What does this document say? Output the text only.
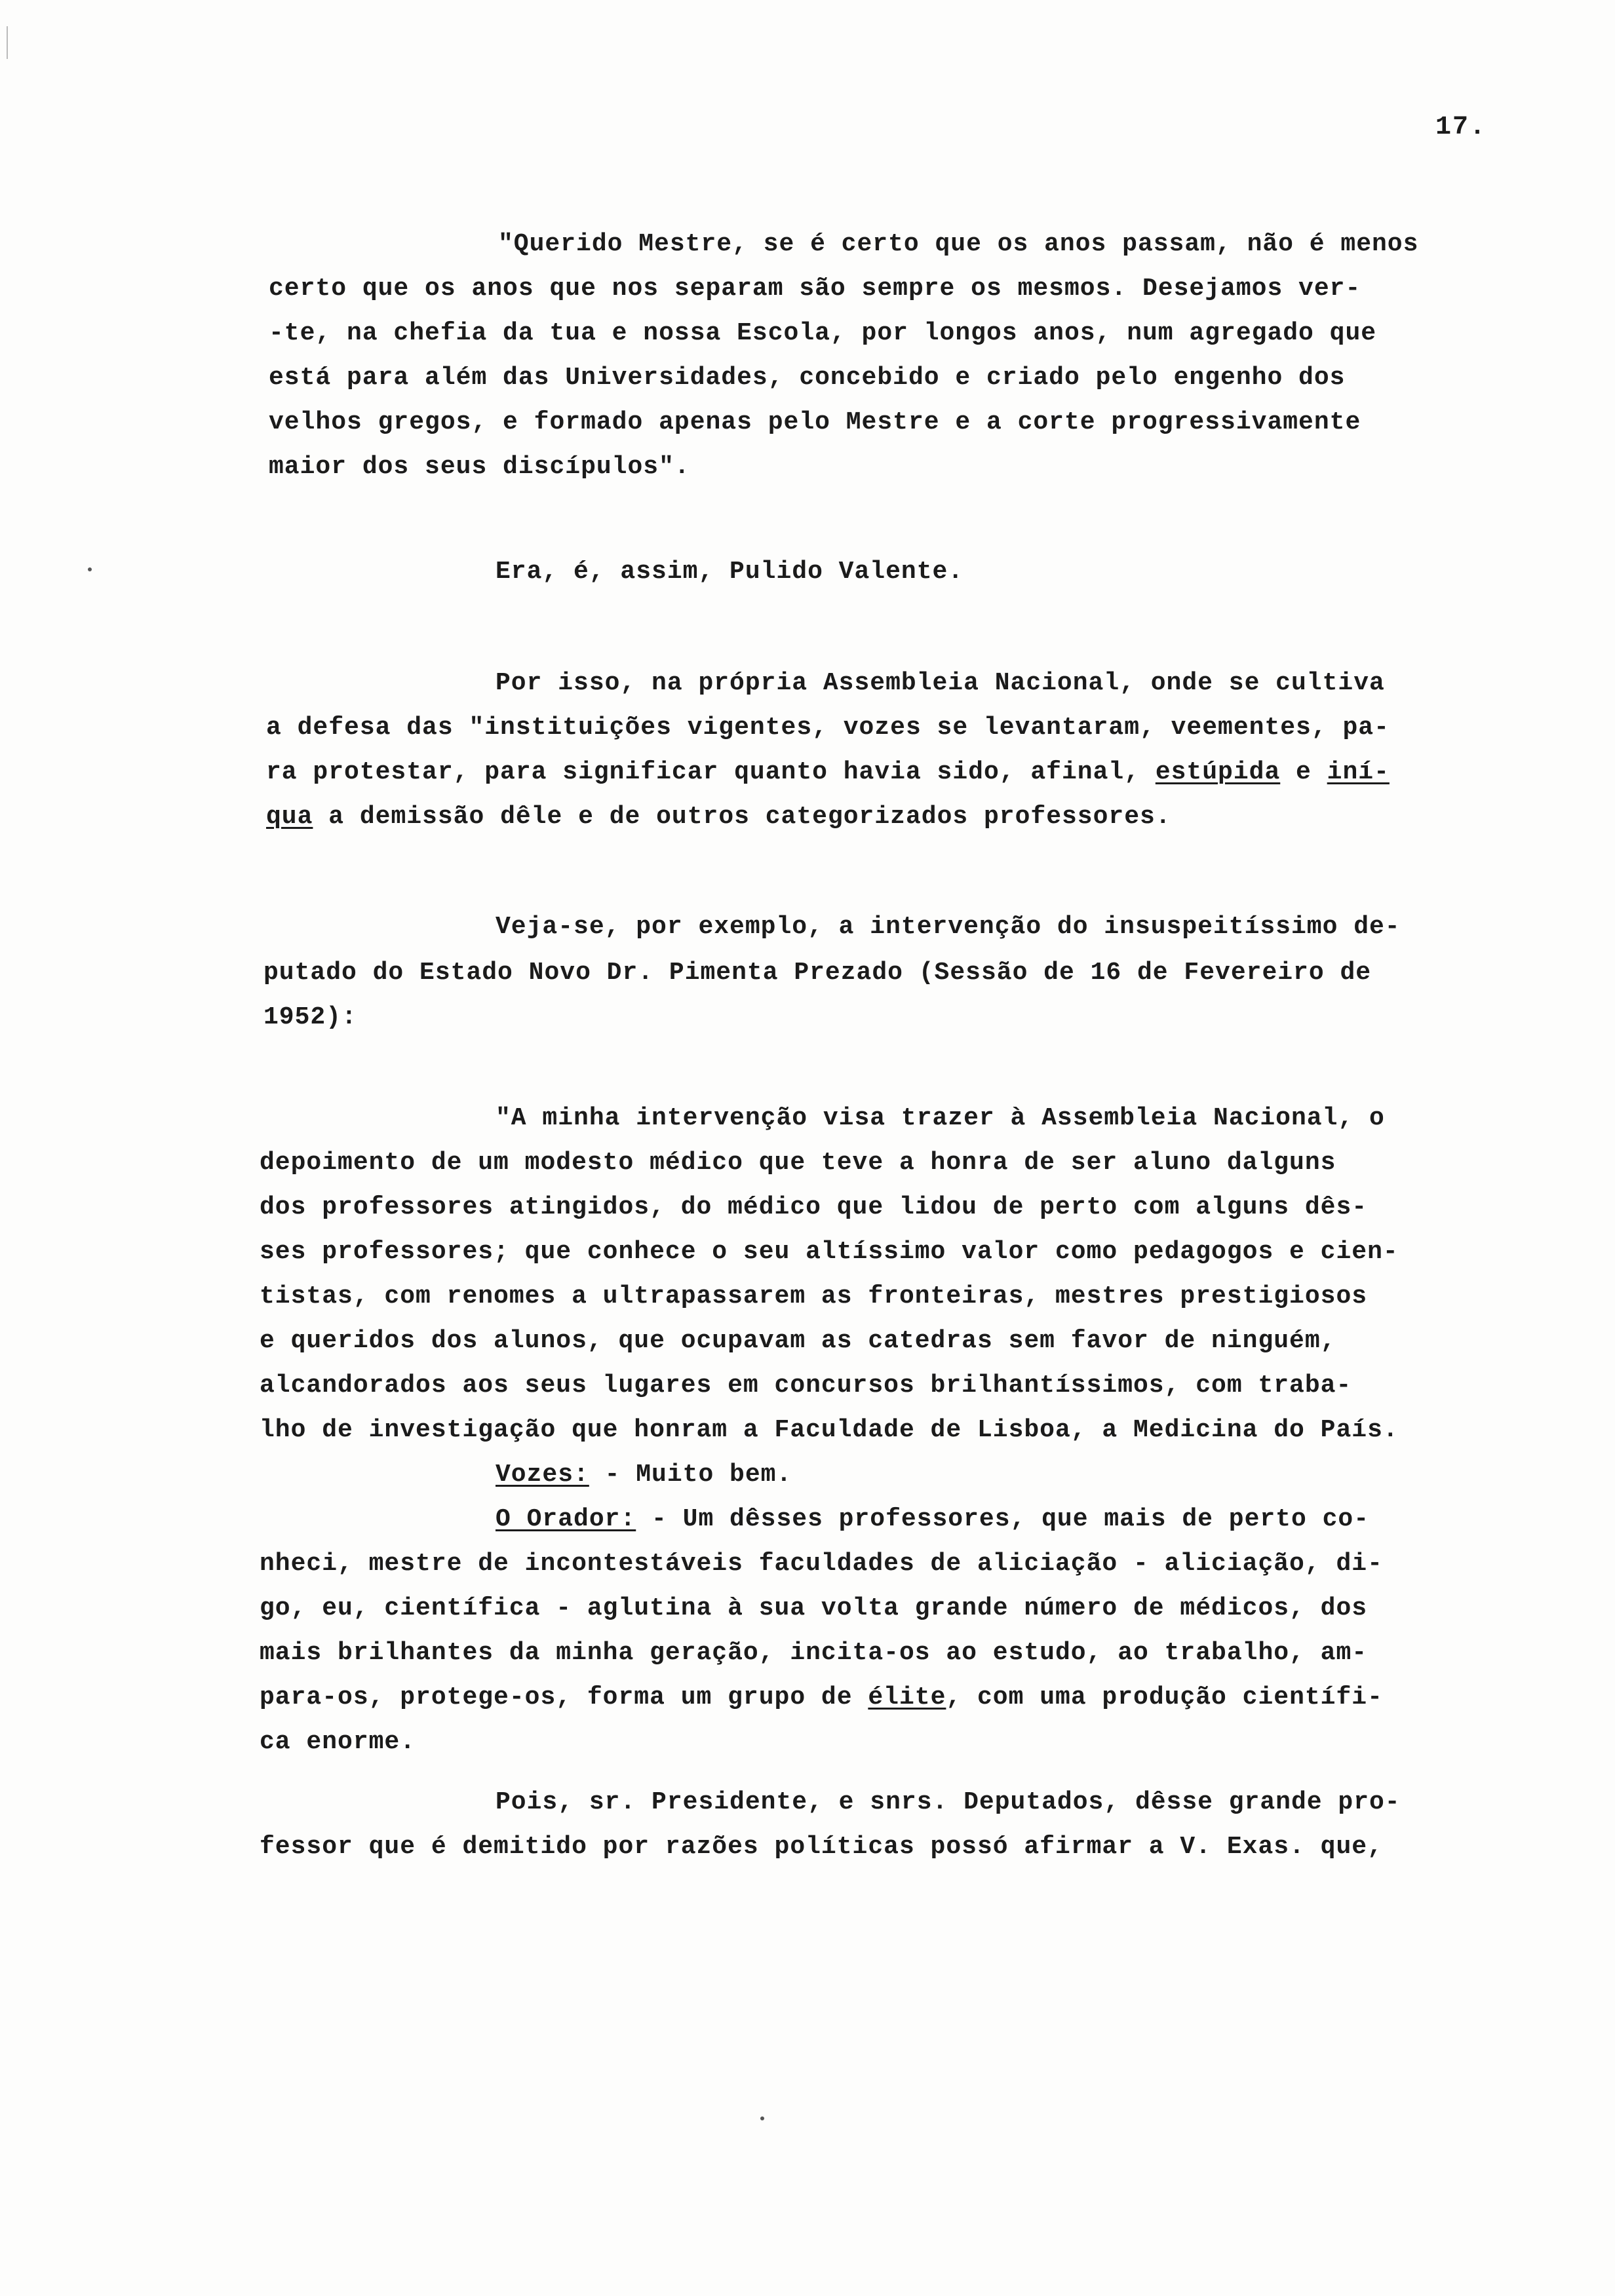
17.
"Querido Mestre, se é certo que os anos passam, não é menos
certo que os anos que nos separam são sempre os mesmos. Desejamos ver-
-te, na chefia da tua e nossa Escola, por longos anos, num agregado que
está para além das Universidades, concebido e criado pelo engenho dos
velhos gregos, e formado apenas pelo Mestre e a corte progressivamente
maior dos seus discípulos".
Era, é, assim, Pulido Valente.
Por isso, na própria Assembleia Nacional, onde se cultiva
a defesa das "instituições vigentes, vozes se levantaram, veementes, pa-
ra protestar, para significar quanto havia sido, afinal, estúpida e iní-
qua a demissão dêle e de outros categorizados professores.
Veja-se, por exemplo, a intervenção do insuspeitíssimo de-
putado do Estado Novo Dr. Pimenta Prezado (Sessão de 16 de Fevereiro de
1952):
"A minha intervenção visa trazer à Assembleia Nacional, o
depoimento de um modesto médico que teve a honra de ser aluno dalguns
dos professores atingidos, do médico que lidou de perto com alguns dês-
ses professores; que conhece o seu altíssimo valor como pedagogos e cien-
tistas, com renomes a ultrapassarem as fronteiras, mestres prestigiosos
e queridos dos alunos, que ocupavam as catedras sem favor de ninguém,
alcandorados aos seus lugares em concursos brilhantíssimos, com traba-
lho de investigação que honram a Faculdade de Lisboa, a Medicina do País.
Vozes: - Muito bem.
O Orador: - Um dêsses professores, que mais de perto co-
nheci, mestre de incontestáveis faculdades de aliciação - aliciação, di-
go, eu, científica - aglutina à sua volta grande número de médicos, dos
mais brilhantes da minha geração, incita-os ao estudo, ao trabalho, am-
para-os, protege-os, forma um grupo de élite, com uma produção científi-
ca enorme.
Pois, sr. Presidente, e snrs. Deputados, dêsse grande pro-
fessor que é demitido por razões políticas possó afirmar a V. Exas. que,
